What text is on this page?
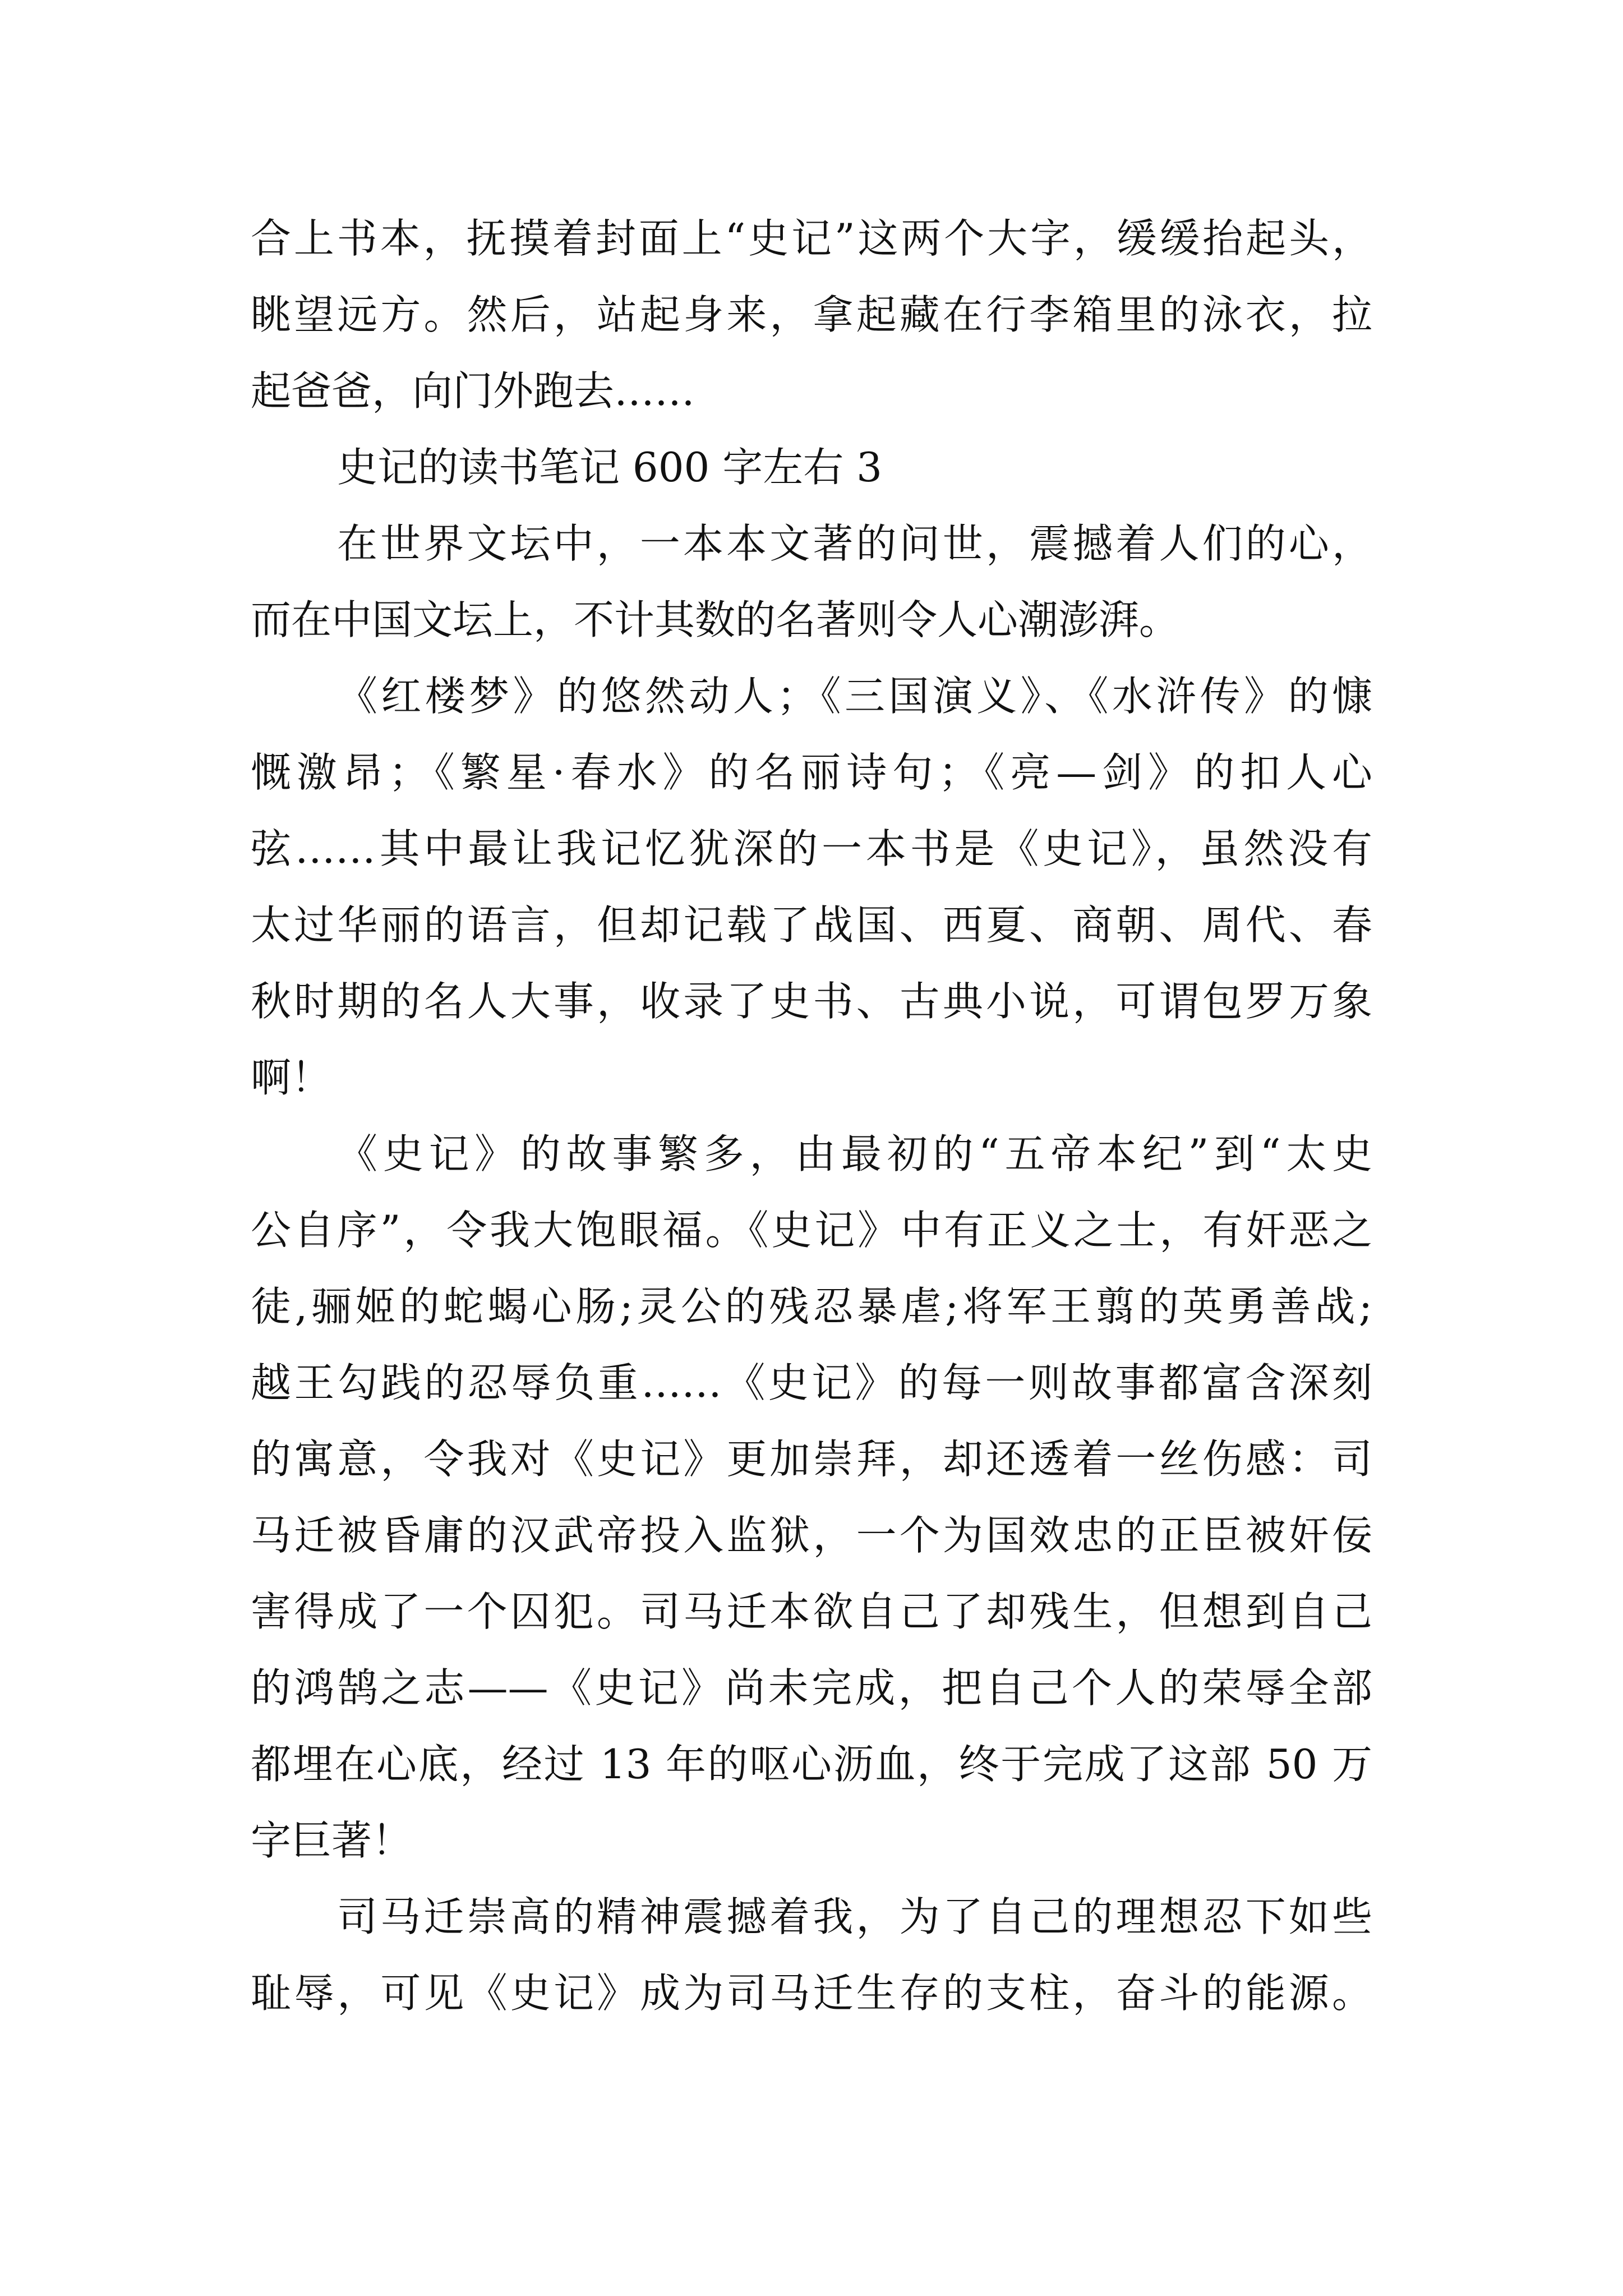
合上书本，抚摸着封面上“史记”这两个大字，缓缓抬起头，
眺望远方。然后，站起身来，拿起藏在行李箱里的泳衣，拉
起爸爸，向门外跑去……
史记的读书笔记 600 字左右 3
在世界文坛中，一本本文著的问世，震撼着人们的心，
而在中国文坛上，不计其数的名著则令人心潮澎湃。
《红楼梦》的悠然动人；《三国演义》、《水浒传》的慷
慨激昂；《繁星·春水》的名丽诗句；《亮—剑》的扣人心
弦……其中最让我记忆犹深的一本书是《史记》，虽然没有
太过华丽的语言，但却记载了战国、西夏、商朝、周代、春
秋时期的名人大事，收录了史书、古典小说，可谓包罗万象
啊！
《史记》的故事繁多，由最初的“五帝本纪”到“太史
公自序”，令我大饱眼福。《史记》中有正义之士，有奸恶之
徒,骊姬的蛇蝎心肠;灵公的残忍暴虐;将军王翦的英勇善战;
越王勾践的忍辱负重……《史记》的每一则故事都富含深刻
的寓意，令我对《史记》更加崇拜，却还透着一丝伤感：司
马迁被昏庸的汉武帝投入监狱，一个为国效忠的正臣被奸佞
害得成了一个囚犯。司马迁本欲自己了却残生，但想到自己
的鸿鹄之志——《史记》尚未完成，把自己个人的荣辱全部
都埋在心底，经过 13 年的呕心沥血，终于完成了这部 50 万
字巨著！
司马迁崇高的精神震撼着我，为了自己的理想忍下如些
耻辱，可见《史记》成为司马迁生存的支柱，奋斗的能源。
